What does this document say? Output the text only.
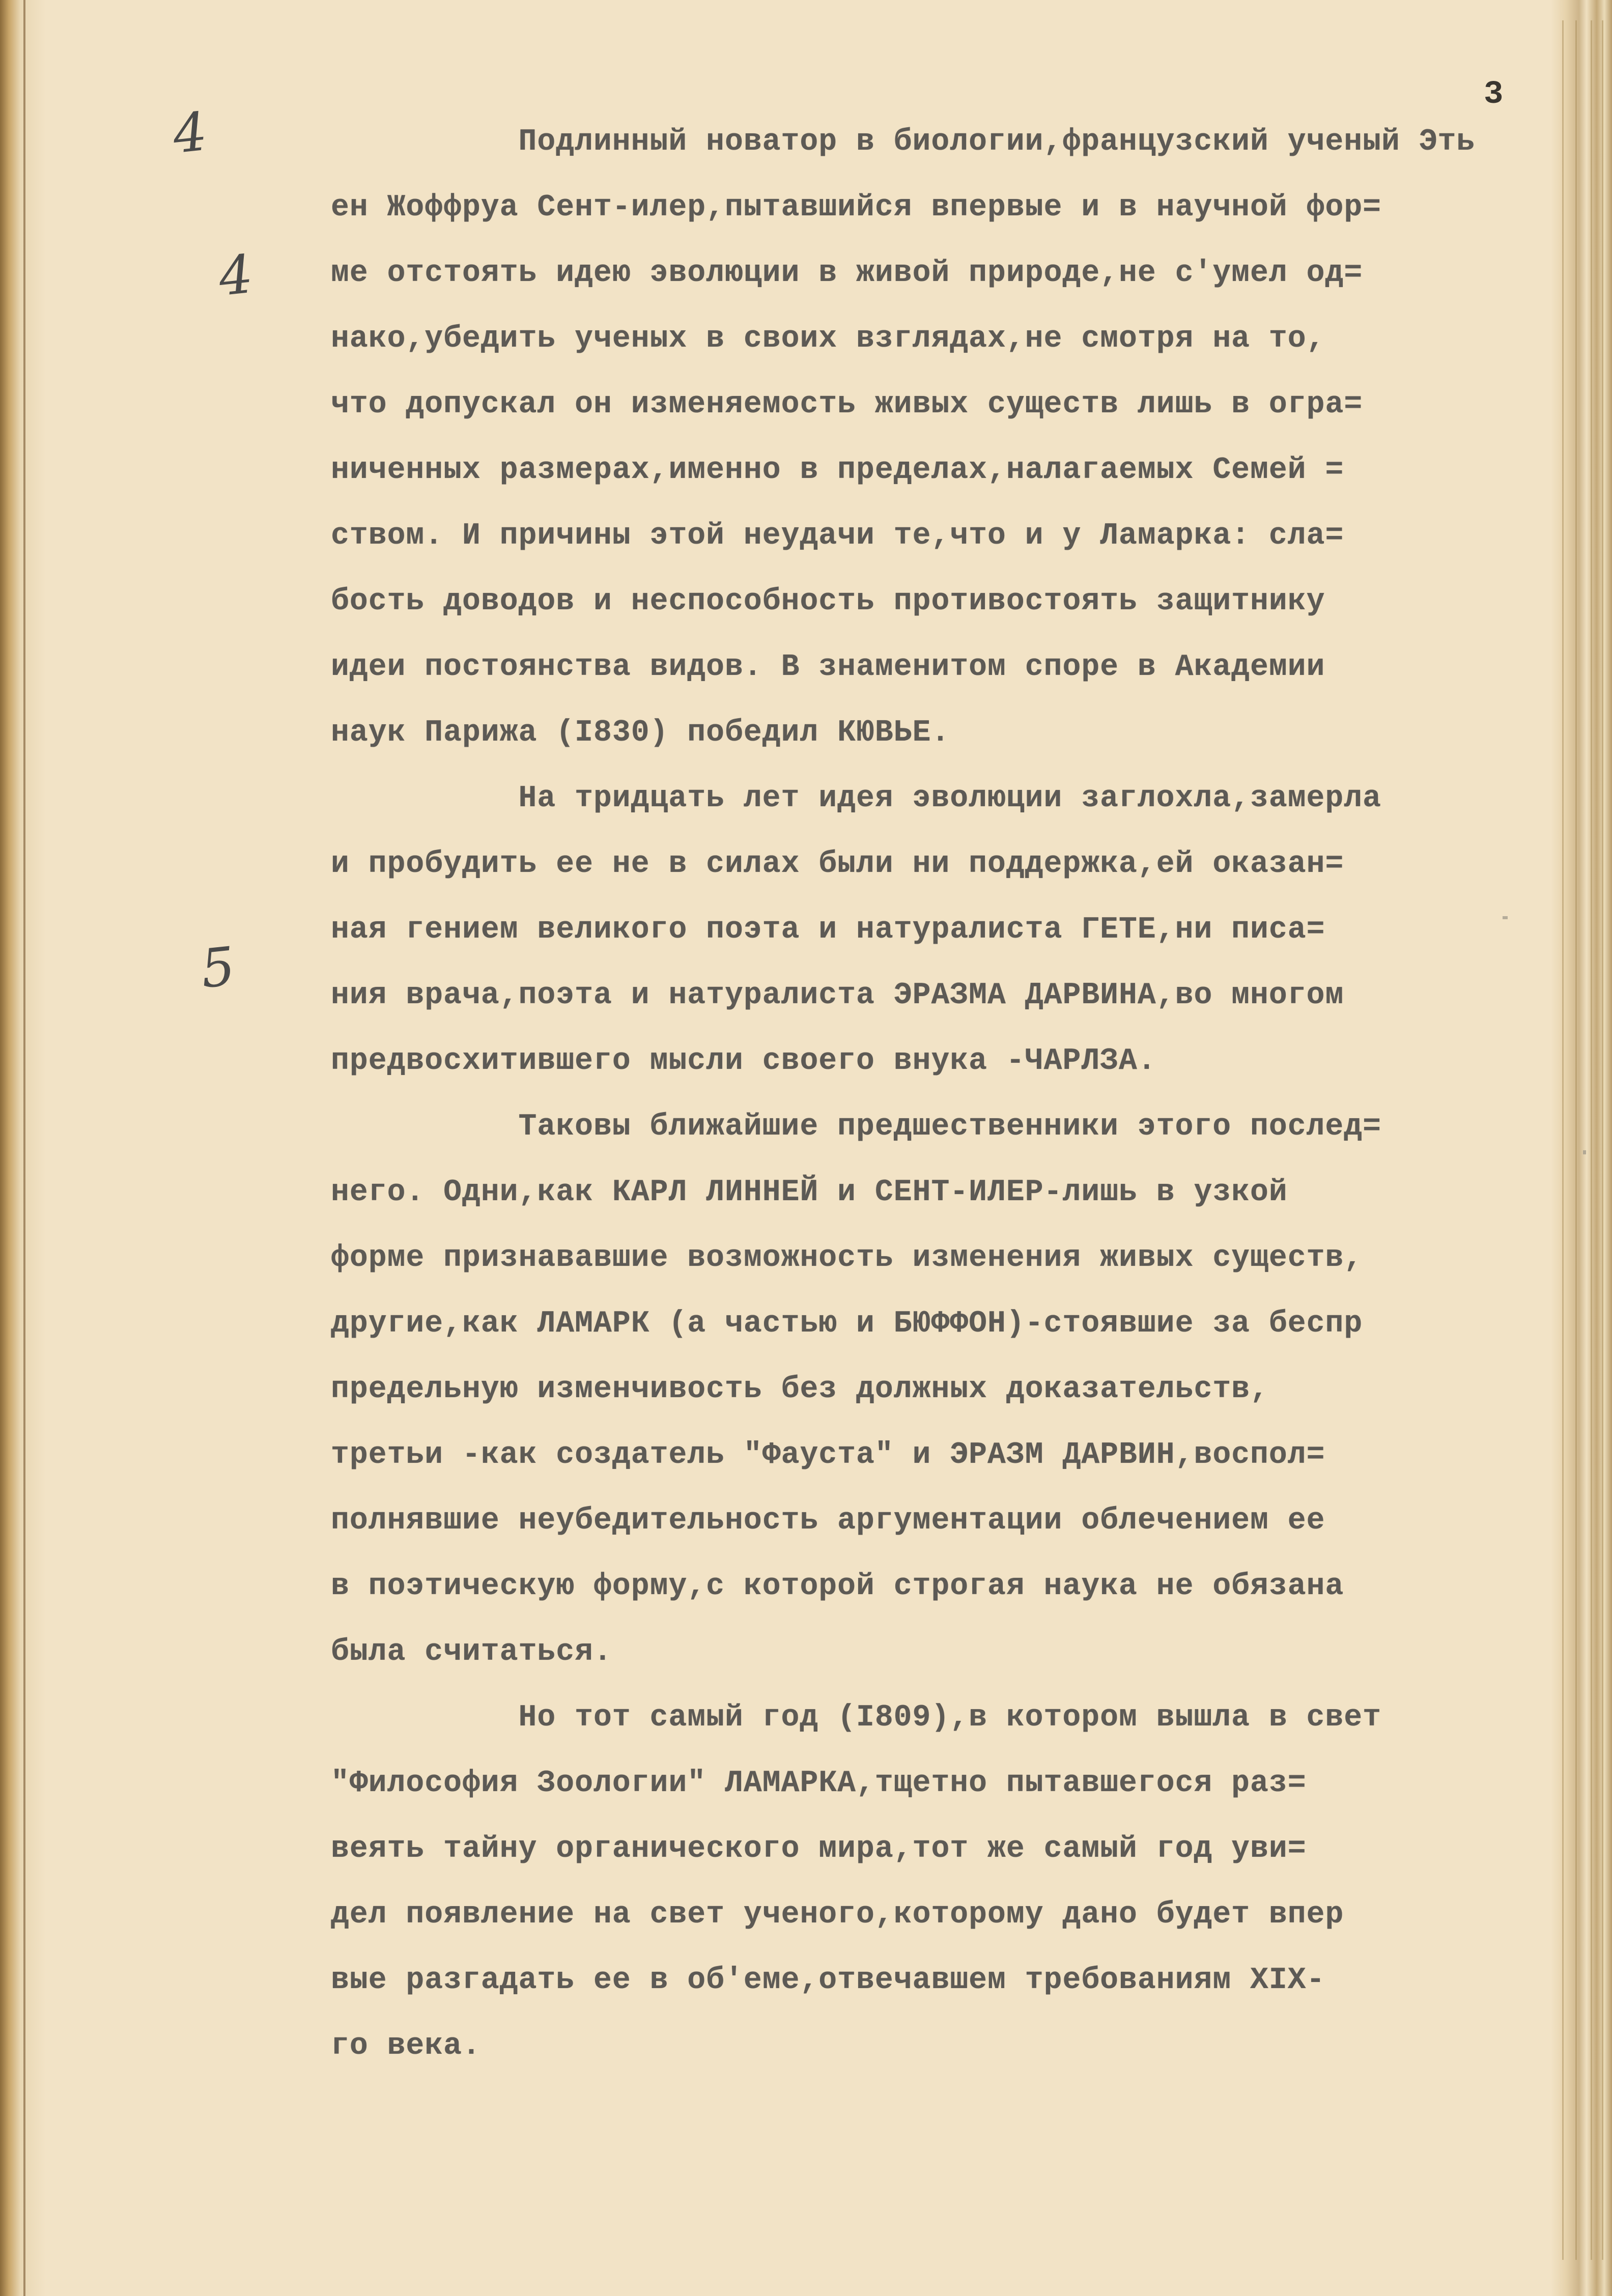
3
4
4
5
Подлинный новатор в биологии,французский ученый Эть
ен Жоффруа Сент-илер,пытавшийся впервые и в научной фор=
ме отстоять идею эволюции в живой природе,не с'умел од=
нако,убедить ученых в своих взглядах,не смотря на то,
что допускал он изменяемость живых существ лишь в огра=
ниченных размерах,именно в пределах,налагаемых Семей =
ством. И причины этой неудачи те,что и у Ламарка: сла=
бость доводов и неспособность противостоять защитнику
идеи постоянства видов. В знаменитом споре в Академии
наук Парижа (I830) победил КЮВЬЕ.
На тридцать лет идея эволюции заглохла,замерла
и пробудить ее не в силах были ни поддержка,ей оказан=
ная гением великого поэта и натуралиста ГЕТЕ,ни писа=
ния врача,поэта и натуралиста ЭРАЗМА ДАРВИНА,во многом
предвосхитившего мысли своего внука -ЧАРЛЗА.
Таковы ближайшие предшественники этого послед=
него. Одни,как КАРЛ ЛИННЕЙ и СЕНТ-ИЛЕР-лишь в узкой
форме признававшие возможность изменения живых существ,
другие,как ЛАМАРК (а частью и БЮФФОН)-стоявшие за беспр
предельную изменчивость без должных доказательств,
третьи -как создатель "Фауста" и ЭРАЗМ ДАРВИН,воспол=
полнявшие неубедительность аргументации облечением ее
в поэтическую форму,с которой строгая наука не обязана
была считаться.
Но тот самый год (I809),в котором вышла в свет
"Философия Зоологии" ЛАМАРКА,тщетно пытавшегося раз=
веять тайну органического мира,тот же самый год уви=
дел появление на свет ученого,которому дано будет впер
вые разгадать ее в об'еме,отвечавшем требованиям XIX-
го века.
